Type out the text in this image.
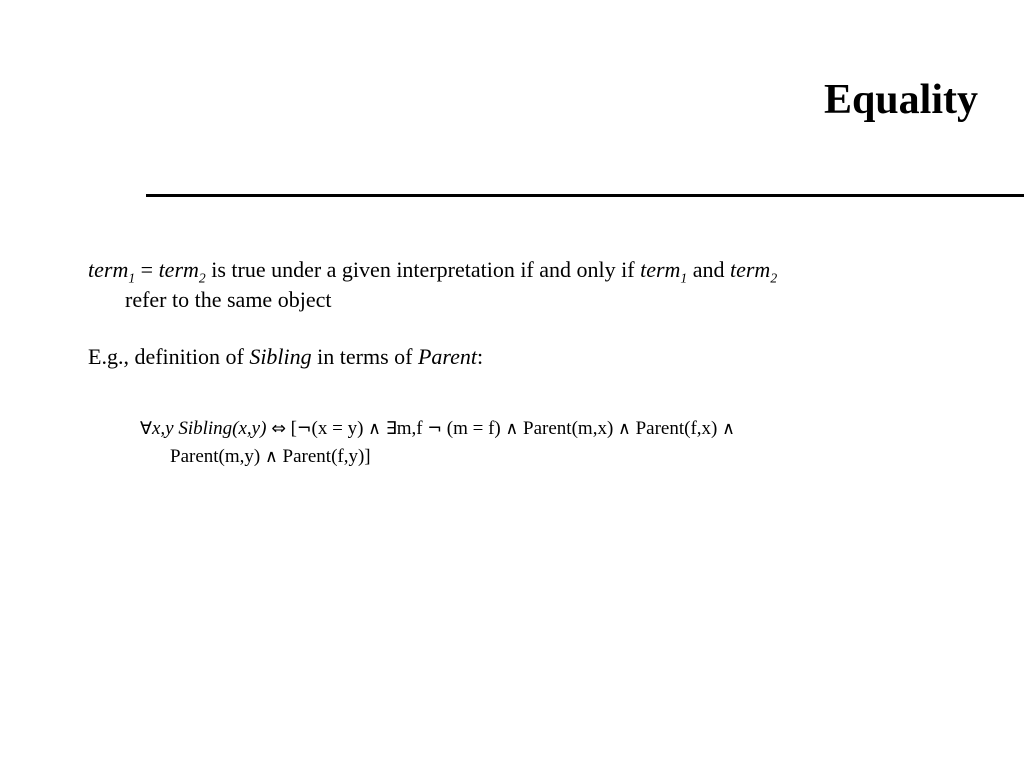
Equality
term$_1$ = term$_2$ is true under a given interpretation if and only if term$_1$ and term$_2$
refer to the same object
E.g., definition of Sibling in terms of Parent:
∀x,y Sibling(x,y) ⇔ [¬(x = y) ∧ ∃m,f ¬ (m = f) ∧ Parent(m,x) ∧ Parent(f,x) ∧
Parent(m,y) ∧ Parent(f,y)]
